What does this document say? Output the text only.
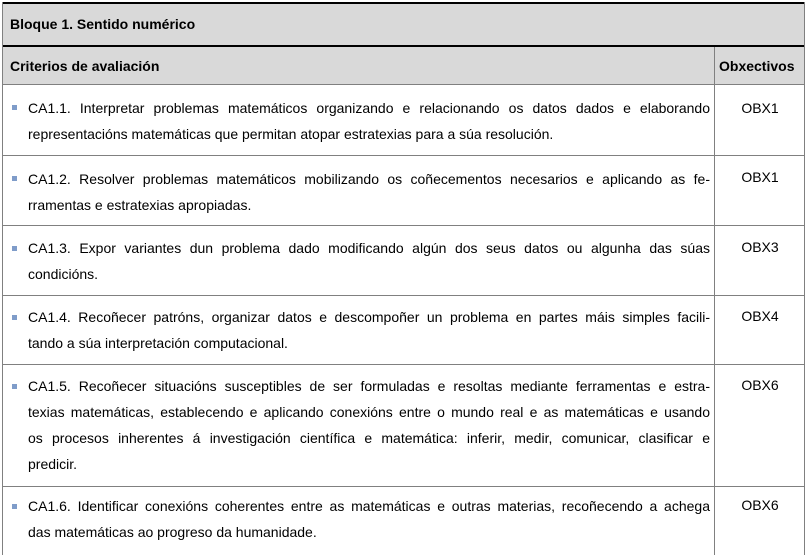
Bloque 1. Sentido numérico
Criterios de avaliación	Obxectivos
CA1.1. Interpretar problemas matemáticos organizando e relacionando os datos dados e elaborando
representacións matemáticas que permitan atopar estratexias para a súa resolución.
OBX1
CA1.2. Resolver problemas matemáticos mobilizando os coñecementos necesarios e aplicando as fe-
rramentas e estratexias apropiadas.
OBX1
CA1.3. Expor variantes dun problema dado modificando algún dos seus datos ou algunha das súas
condicións.
OBX3
CA1.4. Recoñecer patróns, organizar datos e descompoñer un problema en partes máis simples facili-
tando a súa interpretación computacional.
OBX4
CA1.5. Recoñecer situacións susceptibles de ser formuladas e resoltas mediante ferramentas e estra-
texias matemáticas, establecendo e aplicando conexións entre o mundo real e as matemáticas e usando
os procesos inherentes á investigación científica e matemática: inferir, medir, comunicar, clasificar e
predicir.
OBX6
CA1.6. Identificar conexións coherentes entre as matemáticas e outras materias, recoñecendo a achega
das matemáticas ao progreso da humanidade.
OBX6
